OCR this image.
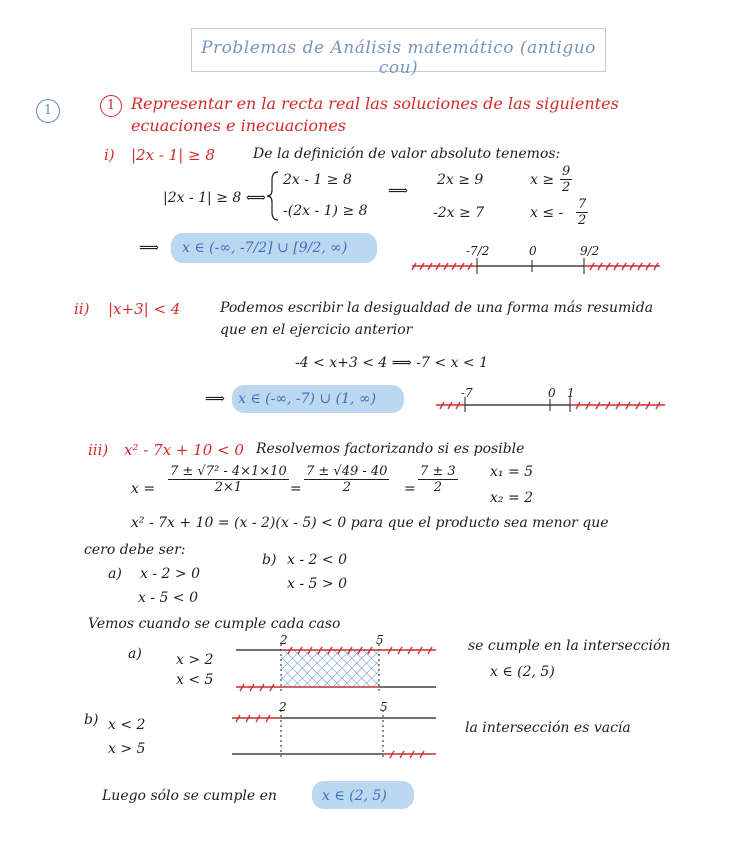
Problemas de Análisis matemático (antiguo cou)
1	1 Representar en la recta real las soluciones de las siguientes
ecuaciones e inecuaciones
i) |2x - 1| ≥ 8	De la definición de valor absoluto tenemos:
|2x - 1| ≥ 8 ⟺
2x - 1 ≥ 8
-(2x - 1) ≥ 8
⟹
2x ≥ 9
-2x ≥ 7
$x \ge \frac{9}{2}$
x ≤ - $\frac{7}{2}$
⟹ x ∈ (-∞, -7/2] ∪ [9/2, ∞)	-7/2	0	9/2
ii) |x+3| < 4	Podemos escribir la desigualdad de una forma más resumida
que en el ejercicio anterior
-4 < x+3 < 4 ⟹ -7 < x < 1
⟹ x ∈ (-∞, -7) ∪ (1, ∞)	-7	0 1
iii) x² - 7x + 10 < 0 Resolvemos factorizando si es posible
$x = \frac{\text{7 ± √7² - 4×1×10}}{2\times 1} = \frac{7 \pm √49 - 40}{2} = \frac{7 \pm 3}{2} x_1 = 5$
x₂ = 2
x² - 7x + 10 = (x - 2)(x - 5) < 0 para que el producto sea menor que
cero debe ser:
a) x - 2 > 0
x - 5 < 0
b) x - 2 < 0
x - 5 > 0
Vemos cuando se cumple cada caso
a) x > 2
x < 5
2	5	se cumple en la intersección
x ∈ (2, 5)
b) x < 2
x > 5
2	5
la intersección es vacía
Luego sólo se cumple en	x ∈ (2, 5)
